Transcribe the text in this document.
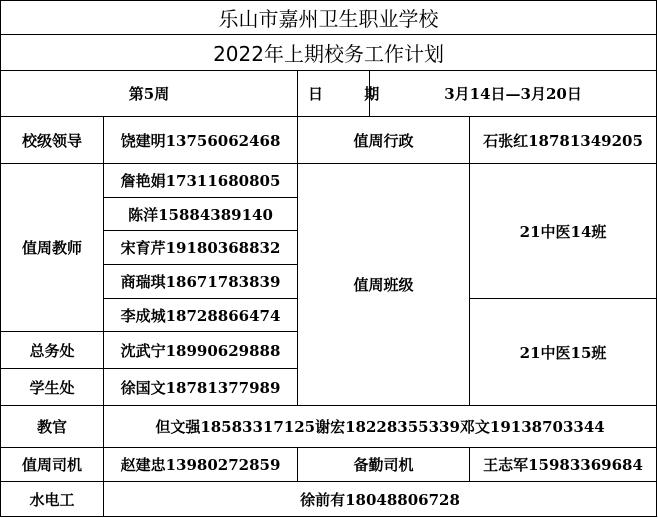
乐山市嘉州卫生职业学校				
2022年上期校务工作计划				
第5周		日 期	3月14日—3月20日	
校级领导	饶建明13756062468	值周行政		石张红18781349205
值周教师	詹艳娟17311680805	值周班级		21中医14班
	陈洋15884389140			
	宋育芹19180368832			
	商瑞琪18671783839			
	李成城18728866474			21中医15班
总务处	沈武宁18990629888			
学生处	徐国文18781377989			
教官	但文强18583317125谢宏18228355339邓文19138703344			
值周司机	赵建忠13980272859	备勤司机		王志军15983369684
水电工	徐前有18048806728			
